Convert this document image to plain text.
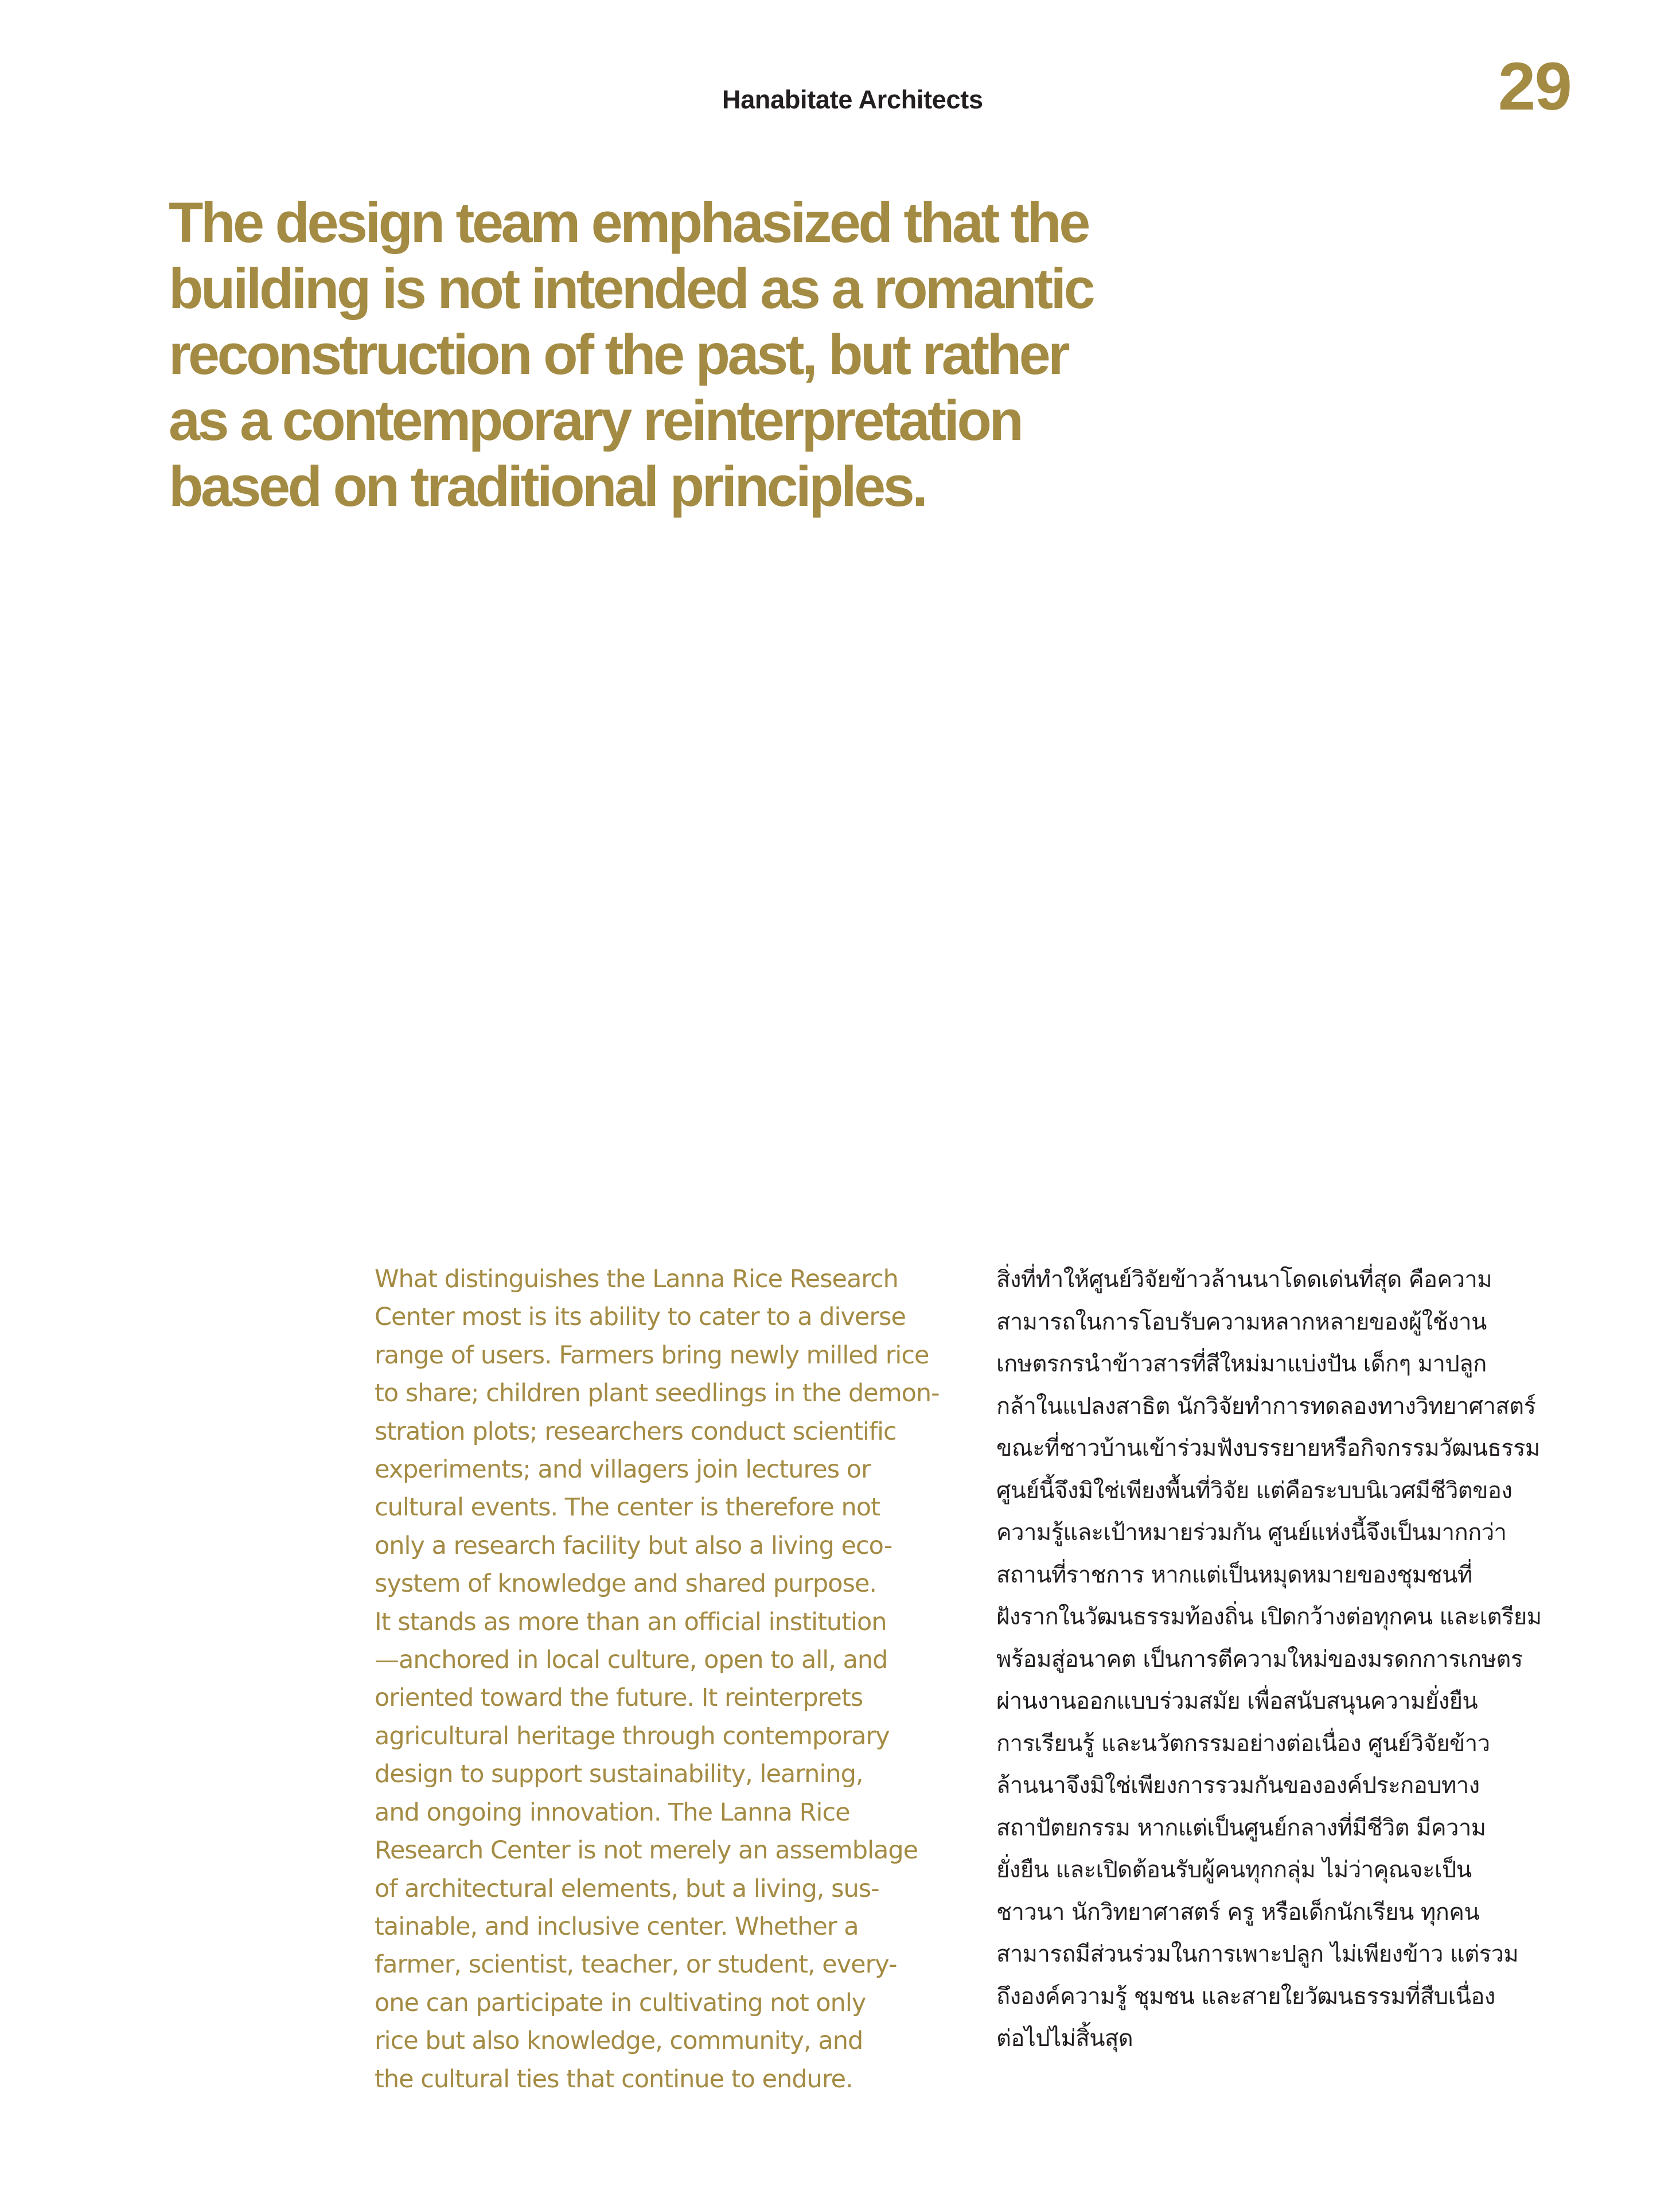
Hanabitate Architects	29
The design team emphasized that the
building is not intended as a romantic
reconstruction of the past, but rather
as a contemporary reinterpretation
based on traditional principles.
What distinguishes the Lanna Rice Research
Center most is its ability to cater to a diverse
range of users. Farmers bring newly milled rice
to share; children plant seedlings in the demon-
stration plots; researchers conduct scientific
experiments; and villagers join lectures or
cultural events. The center is therefore not
only a research facility but also a living eco-
system of knowledge and shared purpose.
It stands as more than an official institution
—anchored in local culture, open to all, and
oriented toward the future. It reinterprets
agricultural heritage through contemporary
design to support sustainability, learning,
and ongoing innovation. The Lanna Rice
Research Center is not merely an assemblage
of architectural elements, but a living, sus-
tainable, and inclusive center. Whether a
farmer, scientist, teacher, or student, every-
one can participate in cultivating not only
rice but also knowledge, community, and
the cultural ties that continue to endure.
สิ่งที่ทำให้ศูนย์วิจัยข้าวล้านนาโดดเด่นที่สุด คือความ
สามารถในการโอบรับความหลากหลายของผู้ใช้งาน
เกษตรกรนำข้าวสารที่สีใหม่มาแบ่งปัน เด็กๆ มาปลูก
กล้าในแปลงสาธิต นักวิจัยทำการทดลองทางวิทยาศาสตร์
ขณะที่ชาวบ้านเข้าร่วมฟังบรรยายหรือกิจกรรมวัฒนธรรม
ศูนย์นี้จึงมิใช่เพียงพื้นที่วิจัย แต่คือระบบนิเวศมีชีวิตของ
ความรู้และเป้าหมายร่วมกัน ศูนย์แห่งนี้จึงเป็นมากกว่า
สถานที่ราชการ หากแต่เป็นหมุดหมายของชุมชนที่
ฝังรากในวัฒนธรรมท้องถิ่น เปิดกว้างต่อทุกคน และเตรียม
พร้อมสู่อนาคต เป็นการตีความใหม่ของมรดกการเกษตร
ผ่านงานออกแบบร่วมสมัย เพื่อสนับสนุนความยั่งยืน
การเรียนรู้ และนวัตกรรมอย่างต่อเนื่อง ศูนย์วิจัยข้าว
ล้านนาจึงมิใช่เพียงการรวมกันขององค์ประกอบทาง
สถาปัตยกรรม หากแต่เป็นศูนย์กลางที่มีชีวิต มีความ
ยั่งยืน และเปิดต้อนรับผู้คนทุกกลุ่ม ไม่ว่าคุณจะเป็น
ชาวนา นักวิทยาศาสตร์ ครู หรือเด็กนักเรียน ทุกคน
สามารถมีส่วนร่วมในการเพาะปลูก ไม่เพียงข้าว แต่รวม
ถึงองค์ความรู้ ชุมชน และสายใยวัฒนธรรมที่สืบเนื่อง
ต่อไปไม่สิ้นสุด
